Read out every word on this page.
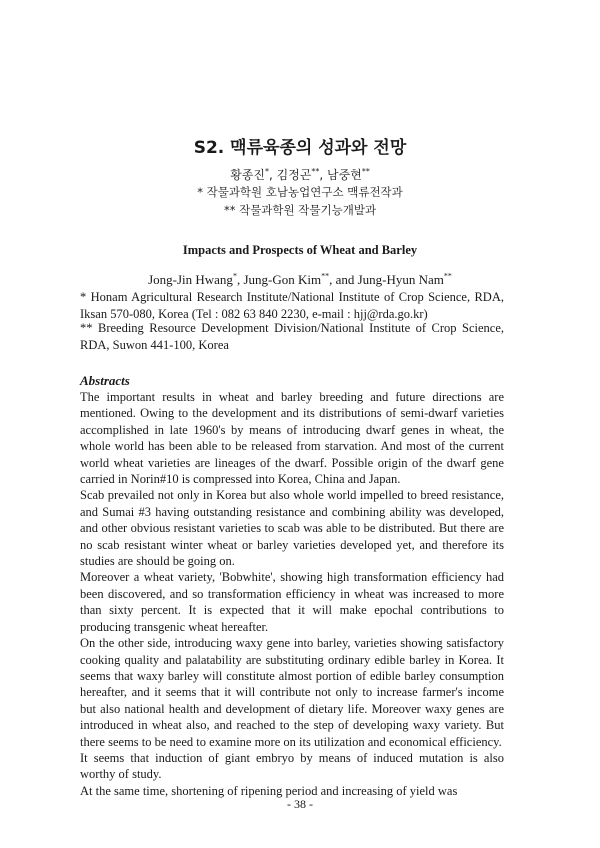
S2. 맥류육종의 성과와 전망
황종진*, 김정곤**, 남중현**
* 작물과학원 호남농업연구소 맥류전작과
** 작물과학원 작물기능개발과
Impacts and Prospects of Wheat and Barley
Jong-Jin Hwang*, Jung-Gon Kim**, and Jung-Hyun Nam**
* Honam Agricultural Research Institute/National Institute of Crop Science, RDA, Iksan 570-080, Korea (Tel : 082 63 840 2230, e-mail : hjj@rda.go.kr)
** Breeding Resource Development Division/National Institute of Crop Science, RDA, Suwon 441-100, Korea
Abstracts

The important results in wheat and barley breeding and future directions are mentioned. Owing to the development and its distributions of semi-dwarf varieties accomplished in late 1960's by means of introducing dwarf genes in wheat, the whole world has been able to be released from starvation. And most of the current world wheat varieties are lineages of the dwarf. Possible origin of the dwarf gene carried in Norin#10 is compressed into Korea, China and Japan.

Scab prevailed not only in Korea but also whole world impelled to breed resistance, and Sumai #3 having outstanding resistance and combining ability was developed, and other obvious resistant varieties to scab was able to be distributed. But there are no scab resistant winter wheat or barley varieties developed yet, and therefore its studies are should be going on.

Moreover a wheat variety, 'Bobwhite', showing high transformation efficiency had been discovered, and so transformation efficiency in wheat was increased to more than sixty percent. It is expected that it will make epochal contributions to producing transgenic wheat hereafter.

On the other side, introducing waxy gene into barley, varieties showing satisfactory cooking quality and palatability are substituting ordinary edible barley in Korea. It seems that waxy barley will constitute almost portion of edible barley consumption hereafter, and it seems that it will contribute not only to increase farmer's income but also national health and development of dietary life. Moreover waxy genes are introduced in wheat also, and reached to the step of developing waxy variety. But there seems to be need to examine more on its utilization and economical efficiency.

It seems that induction of giant embryo by means of induced mutation is also worthy of study.

At the same time, shortening of ripening period and increasing of yield was

- 38 -
